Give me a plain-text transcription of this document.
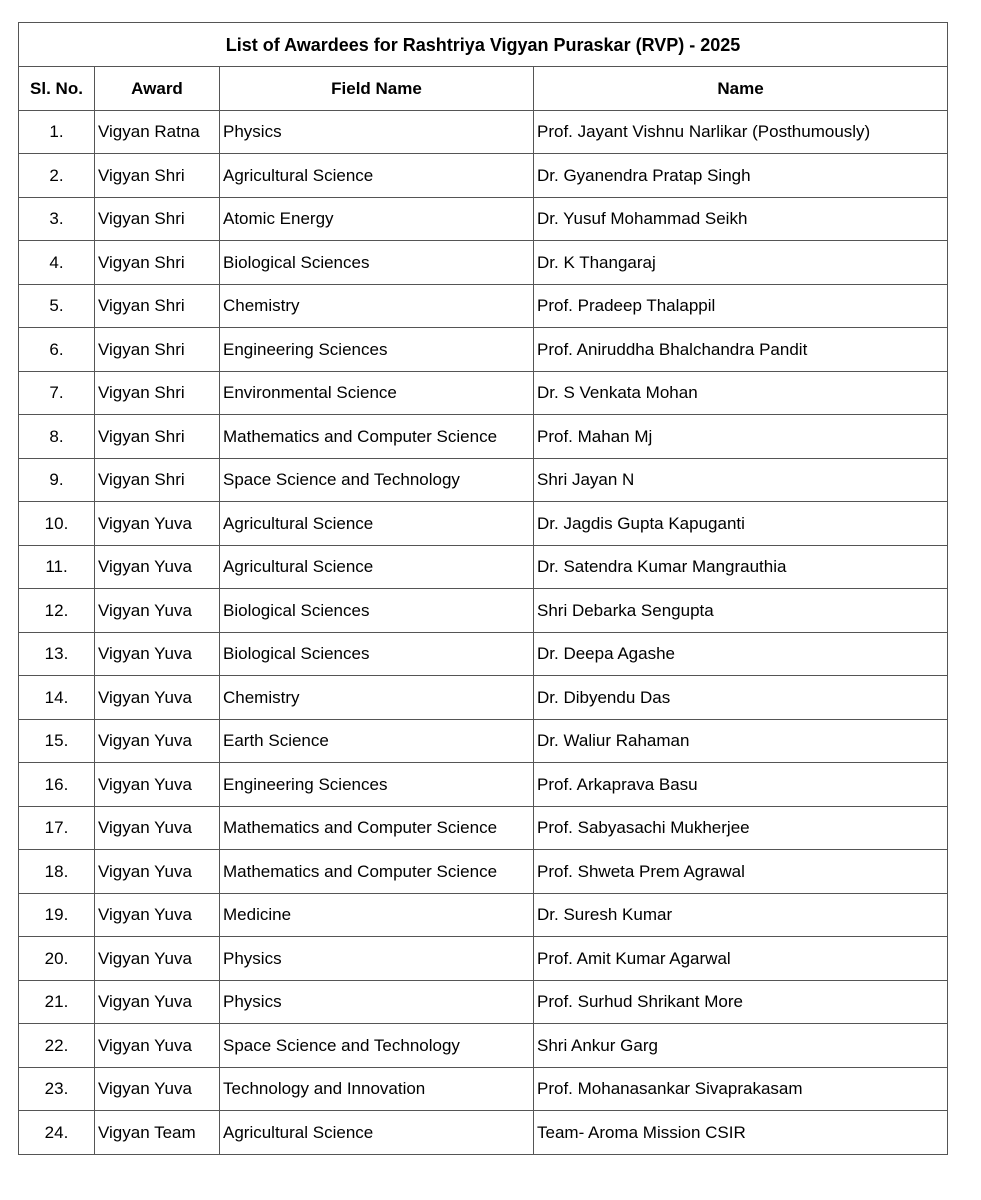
List of Awardees for Rashtriya Vigyan Puraskar (RVP) - 2025			
Sl. No.	Award	Field Name	Name
1.	Vigyan Ratna	Physics	Prof. Jayant Vishnu Narlikar (Posthumously)
2.	Vigyan Shri	Agricultural Science	Dr. Gyanendra Pratap Singh
3.	Vigyan Shri	Atomic Energy	Dr. Yusuf Mohammad Seikh
4.	Vigyan Shri	Biological Sciences	Dr. K Thangaraj
5.	Vigyan Shri	Chemistry	Prof. Pradeep Thalappil
6.	Vigyan Shri	Engineering Sciences	Prof. Aniruddha Bhalchandra Pandit
7.	Vigyan Shri	Environmental Science	Dr. S Venkata Mohan
8.	Vigyan Shri	Mathematics and Computer Science	Prof. Mahan Mj
9.	Vigyan Shri	Space Science and Technology	Shri Jayan N
10.	Vigyan Yuva	Agricultural Science	Dr. Jagdis Gupta Kapuganti
11.	Vigyan Yuva	Agricultural Science	Dr. Satendra Kumar Mangrauthia
12.	Vigyan Yuva	Biological Sciences	Shri Debarka Sengupta
13.	Vigyan Yuva	Biological Sciences	Dr. Deepa Agashe
14.	Vigyan Yuva	Chemistry	Dr. Dibyendu Das
15.	Vigyan Yuva	Earth Science	Dr. Waliur Rahaman
16.	Vigyan Yuva	Engineering Sciences	Prof. Arkaprava Basu
17.	Vigyan Yuva	Mathematics and Computer Science	Prof. Sabyasachi Mukherjee
18.	Vigyan Yuva	Mathematics and Computer Science	Prof. Shweta Prem Agrawal
19.	Vigyan Yuva	Medicine	Dr. Suresh Kumar
20.	Vigyan Yuva	Physics	Prof. Amit Kumar Agarwal
21.	Vigyan Yuva	Physics	Prof. Surhud Shrikant More
22.	Vigyan Yuva	Space Science and Technology	Shri Ankur Garg
23.	Vigyan Yuva	Technology and Innovation	Prof. Mohanasankar Sivaprakasam
24.	Vigyan Team	Agricultural Science	Team- Aroma Mission CSIR
